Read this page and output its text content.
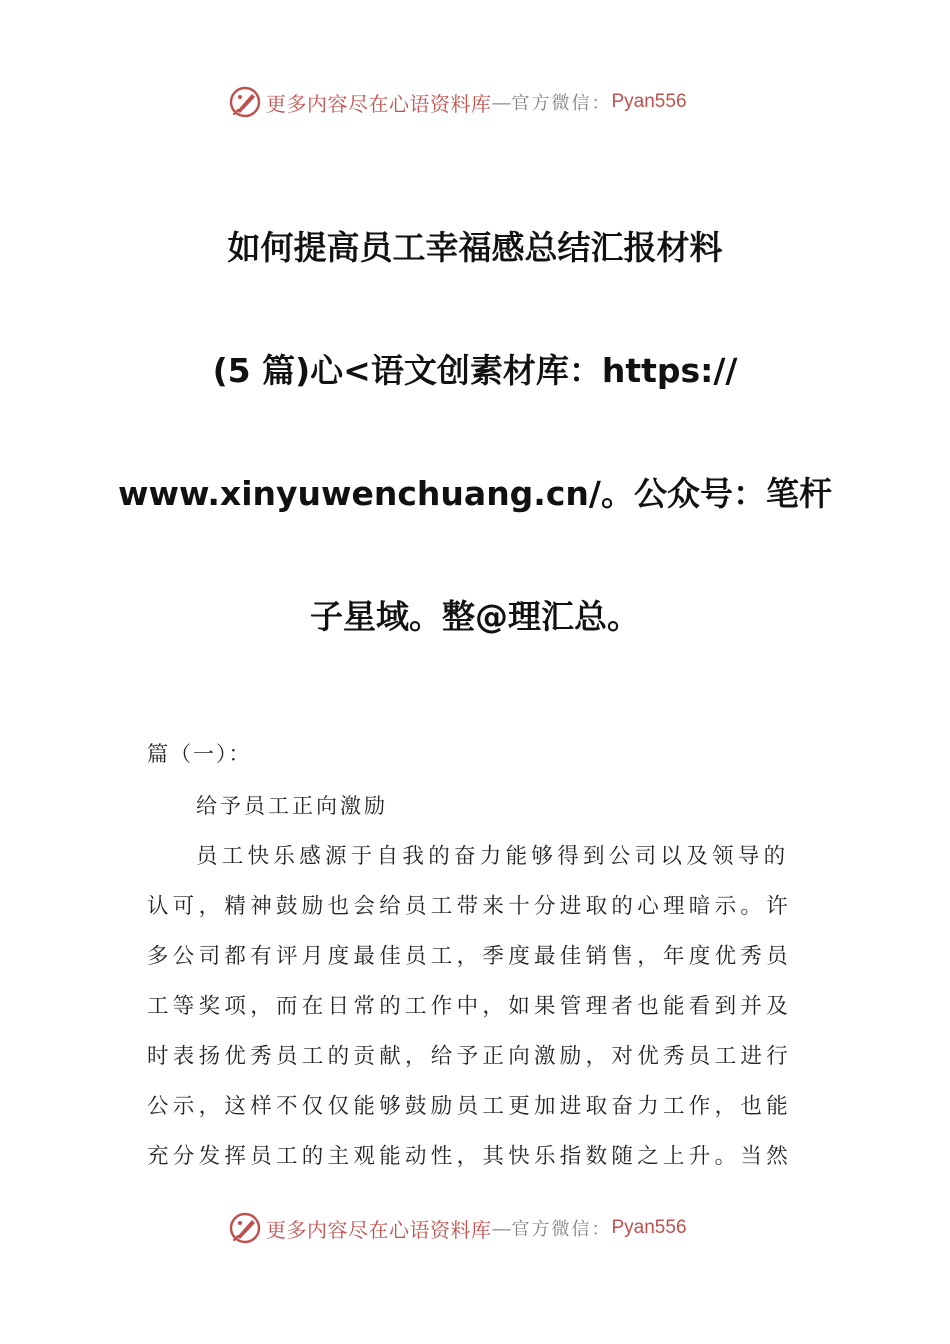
更多内容尽在心语资料库 — 官方微信： Pyan556
如何提高员工幸福感总结汇报材料
(5 篇)心<语文创素材库：https://
www.xinyuwenchuang.cn/。公众号：笔杆
子星域。整@理汇总。
篇（一）：
给予员工正向激励
员工快乐感源于自我的奋力能够得到公司以及领导的
认可，精神鼓励也会给员工带来十分进取的心理暗示。许
多公司都有评月度最佳员工，季度最佳销售，年度优秀员
工等奖项，而在日常的工作中，如果管理者也能看到并及
时表扬优秀员工的贡献，给予正向激励，对优秀员工进行
公示，这样不仅仅能够鼓励员工更加进取奋力工作，也能
充分发挥员工的主观能动性，其快乐指数随之上升。当然
更多内容尽在心语资料库 — 官方微信： Pyan556
